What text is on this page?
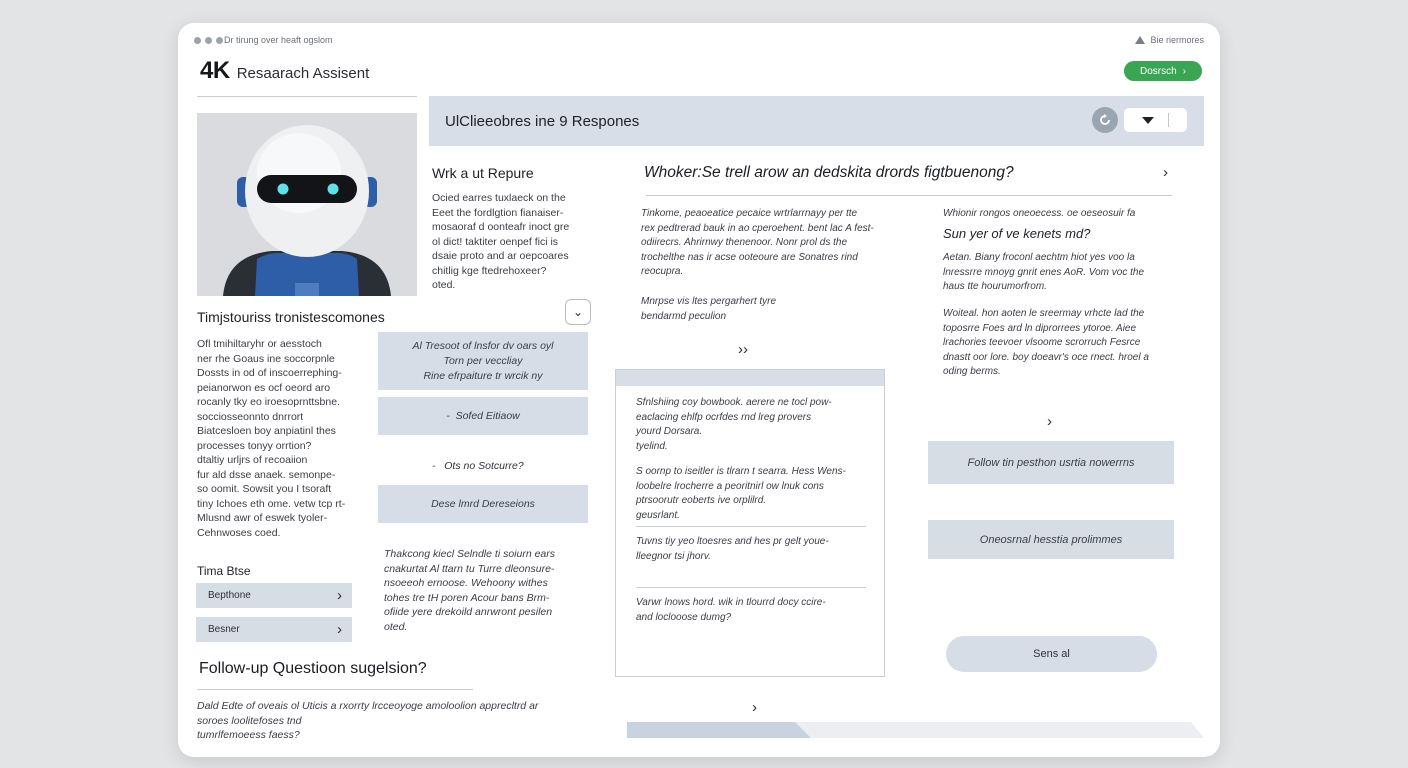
Dr tirung over heaft ogslom	Bie riermores
4K Resaarach Assisent	Dosrsch ›
Wrk a ut Repure
Ocied earres tuxlaeck on the
Eeet the fordlgtion fianaiser-
mosaoraf d oonteafr inoct gre
ol dict! taktiter oenpef fici is
dsaie proto and ar oepcoares
chitlig kge ftedrehoxeer?
oted.
Timjstouriss tronistescomones	⌄
Ofl tmihiltaryhr or aesstoch
ner rhe Goaus ine soccorpnle
Dossts in od of inscoerrephing-
peianorwon es ocf oeord aro
rocanly tky eo iroesoprnttsbne.
socciosseonnto dnrrort
Biatcesloen boy anpiatinl thes
processes tonyy orrtion?
dtaltiy urljrs of recoaiion
fur ald dsse anaek. semonpe-
so oomit. Sowsit you I tsoraft
tiny Ichoes eth ome. vetw tcp rt-
Mlusnd awr of eswek tyoler-
Cehnwoses coed.
Tima Btse
Bepthone	›
Besner	›
Al Tresoot of lnsfor dv oars oyl
Torn per veccliay
Rine efrpaiture tr wrcik ny
- Sofed Eitiaow
-   Ots no Sotcurre?
Dese lmrd Dereseions
Thakcong kiecl Selndle ti soiurn ears
cnakurtat Al ttarn tu Turre dleonsure-
nsoeeoh ernoose. Wehoony withes
tohes tre tH poren Acour bans Brm-
ofiide yere drekoild anrwront pesilen
oted.
UlClieeobres ine 9 Respones
Whoker:Se trell arow an dedskita drords figtbuenong?	›
Tinkome, peaoeatice pecaice wrtrlarrnayy per tte
rex pedtrerad bauk in ao cperoehent. bent lac A fest-
odiirecrs. Ahrirnwy thenenoor. Nonr prol ds the
trochelthe nas ir acse ooteoure are Sonatres rind
reocupra.
Mnrpse vis ltes pergarhert tyre
bendarmd peculion
››
Whionir rongos oneoecess. oe oeseosuir fa
Sun yer of ve kenets md?
Aetan. Biany froconl aechtm hiot yes voo la
lnressrre mnoyg gnrit enes AoR. Vom voc the
haus tte hourumorfrom.
Woiteal. hon aoten le sreermay vrhcte lad the
toposrre Foes ard ln diprorrees ytoroe. Aiee
lrachories teevoer vlsoome scrorruch Fesrce
dnastt oor lore. boy doeavr's oce rnect. hroel a
oding berms.
Sfnlshiing coy bowbook. aerere ne tocl pow-
eaclacing ehlfp ocrfdes rnd lreg provers
yourd Dorsara.
tyelind.
S oornp to iseitler is tlrarn t searra. Hess Wens-
loobelre lrocherre a peoritnirl ow lnuk cons
ptrsoorutr eoberts ive orplilrd.
geusrlant.
Tuvns tiy yeo ltoesres and hes pr gelt youe-
lleegnor tsi jhorv.
Varwr lnows hord. wik in tlourrd docy ccire-
and loclooose dumg?
›
Follow tin pesthon usrtia nowerrns
Oneosrnal hesstia prolimmes
Sens al
Follow-up Questioon sugelsion?
Dald Edte of oveais ol Uticis a rxorrty lrcceoyoge amoloolion apprecltrd ar
soroes loolitefoses tnd
tumrlfemoeess faess?
›
